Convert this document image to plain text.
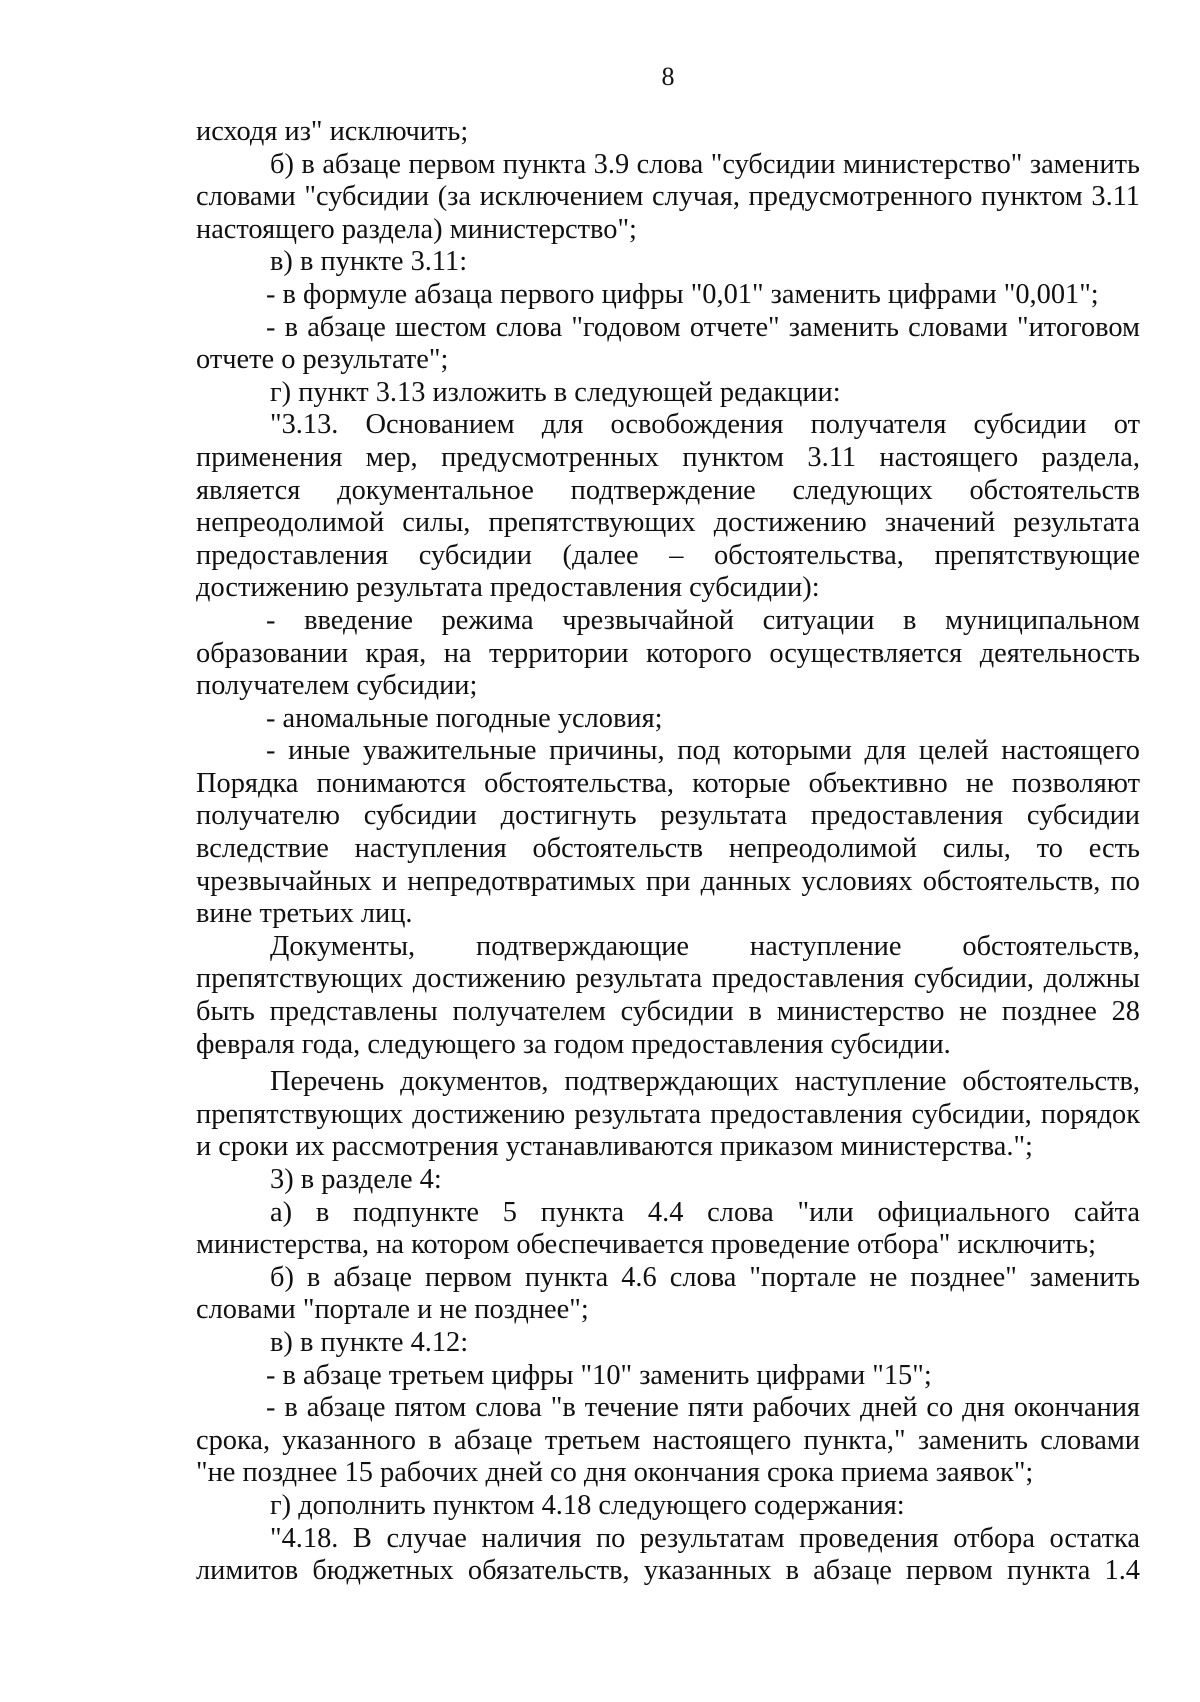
8

исходя из" исключить;

б) в абзаце первом пункта 3.9 слова "субсидии министерство" заменить словами "субсидии (за исключением случая, предусмотренного пунктом 3.11 настоящего раздела) министерство";

в) в пункте 3.11:

- в формуле абзаца первого цифры "0,01" заменить цифрами "0,001";

- в абзаце шестом слова "годовом отчете" заменить словами "итоговом отчете о результате";

г) пункт 3.13 изложить в следующей редакции:

"3.13. Основанием для освобождения получателя субсидии от применения мер, предусмотренных пунктом 3.11 настоящего раздела, является документальное подтверждение следующих обстоятельств непреодолимой силы, препятствующих достижению значений результата предоставления субсидии (далее – обстоятельства, препятствующие достижению результата предоставления субсидии):

- введение режима чрезвычайной ситуации в муниципальном образовании края, на территории которого осуществляется деятельность получателем субсидии;

- аномальные погодные условия;

- иные уважительные причины, под которыми для целей настоящего Порядка понимаются обстоятельства, которые объективно не позволяют получателю субсидии достигнуть результата предоставления субсидии вследствие наступления обстоятельств непреодолимой силы, то есть чрезвычайных и непредотвратимых при данных условиях обстоятельств, по вине третьих лиц.

Документы, подтверждающие наступление обстоятельств, препятствующих достижению результата предоставления субсидии, должны быть представлены получателем субсидии в министерство не позднее 28 февраля года, следующего за годом предоставления субсидии.

Перечень документов, подтверждающих наступление обстоятельств, препятствующих достижению результата предоставления субсидии, порядок и сроки их рассмотрения устанавливаются приказом министерства.";

3) в разделе 4:

а) в подпункте 5 пункта 4.4 слова "или официального сайта министерства, на котором обеспечивается проведение отбора" исключить;

б) в абзаце первом пункта 4.6 слова "портале не позднее" заменить словами "портале и не позднее";

в) в пункте 4.12:

- в абзаце третьем цифры "10" заменить цифрами "15";

- в абзаце пятом слова "в течение пяти рабочих дней со дня окончания срока, указанного в абзаце третьем настоящего пункта," заменить словами "не позднее 15 рабочих дней со дня окончания срока приема заявок";

г) дополнить пунктом 4.18 следующего содержания:

"4.18. В случае наличия по результатам проведения отбора остатка лимитов бюджетных обязательств, указанных в абзаце первом пункта 1.4
